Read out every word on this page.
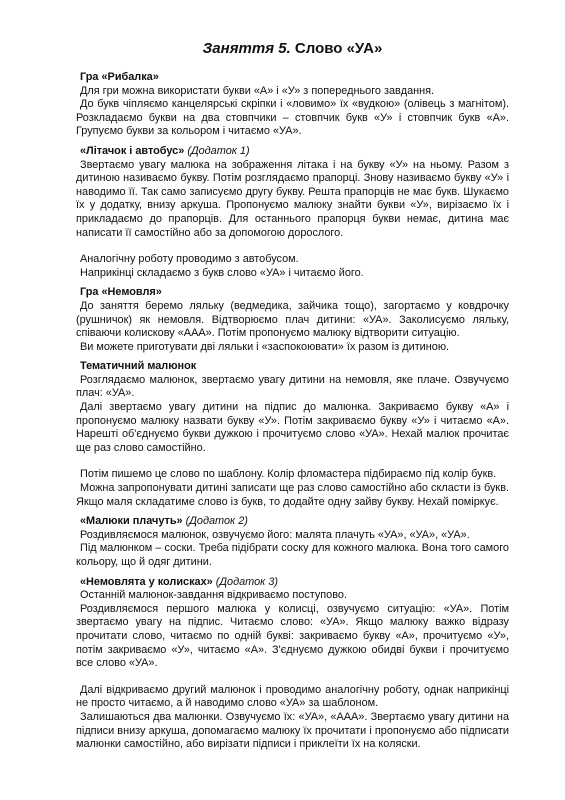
Заняття 5. Слово «УА»
Гра «Рибалка»

Для гри можна використати букви «А» і «У» з попереднього завдання.

До букв чіпляємо канцелярські скріпки і «ловимо» їх «вудкою» (олівець з магнітом). Розкладаємо букви на два стовпчики – стовпчик букв «У» і стовпчик букв «А». Групуємо букви за кольором і читаємо «УА».

«Літачок і автобус» (Додаток 1)

Звертаємо увагу малюка на зображення літака і на букву «У» на ньому. Разом з дитиною називаємо букву. Потім розглядаємо прапорці. Знову називаємо букву «У» і наводимо її. Так само записуємо другу букву. Решта прапорців не має букв. Шукаємо їх у додатку, внизу аркуша. Пропонуємо малюку знайти букви «У», вирізаємо їх і прикладаємо до прапорців. Для останнього прапорця букви немає, дитина має написати її самостійно або за допомогою дорослого.

Аналогічну роботу проводимо з автобусом.

Наприкінці складаємо з букв слово «УА» і читаємо його.

Гра «Немовля»

До заняття беремо ляльку (ведмедика, зайчика тощо), загортаємо у ковдрочку (рушничок) як немовля. Відтворюємо плач дитини: «УА». Заколисуємо ляльку, співаючи колискову «ААА». Потім пропонуємо малюку відтворити ситуацію.

Ви можете приготувати дві ляльки і «заспокоювати» їх разом із дитиною.

Тематичний малюнок

Розглядаємо малюнок, звертаємо увагу дитини на немовля, яке плаче. Озвучуємо плач: «УА».

Далі звертаємо увагу дитини на підпис до малюнка. Закриваємо букву «А» і пропонуємо малюку назвати букву «У». Потім закриваємо букву «У» і читаємо «А». Нарешті об'єднуємо букви дужкою і прочитуємо слово «УА». Нехай малюк прочитає ще раз слово самостійно.

Потім пишемо це слово по шаблону. Колір фломастера підбираємо під колір букв.

Можна запропонувати дитині записати ще раз слово самостійно або скласти із букв. Якщо маля складатиме слово із букв, то додайте одну зайву букву. Нехай поміркує.

«Малюки плачуть» (Додаток 2)

Роздивляємося малюнок, озвучуємо його: малята плачуть «УА», «УА», «УА».

Під малюнком – соски. Треба підібрати соску для кожного малюка. Вона того самого кольору, що й одяг дитини.

«Немовлята у колисках» (Додаток 3)

Останній малюнок-завдання відкриваємо поступово.

Роздивляємося першого малюка у колисці, озвучуємо ситуацію: «УА». Потім звертаємо увагу на підпис. Читаємо слово: «УА». Якщо малюку важко відразу прочитати слово, читаємо по одній букві: закриваємо букву «А», прочитуємо «У», потім закриваємо «У», читаємо «А». З'єднуємо дужкою обидві букви і прочитуємо все слово «УА».

Далі відкриваємо другий малюнок і проводимо аналогічну роботу, однак наприкінці не просто читаємо, а й наводимо слово «УА» за шаблоном.

Залишаються два малюнки. Озвучуємо їх: «УА», «ААА». Звертаємо увагу дитини на підписи внизу аркуша, допомагаємо малюку їх прочитати і пропонуємо або підписати малюнки самостійно, або вирізати підписи і приклеїти їх на коляски.
